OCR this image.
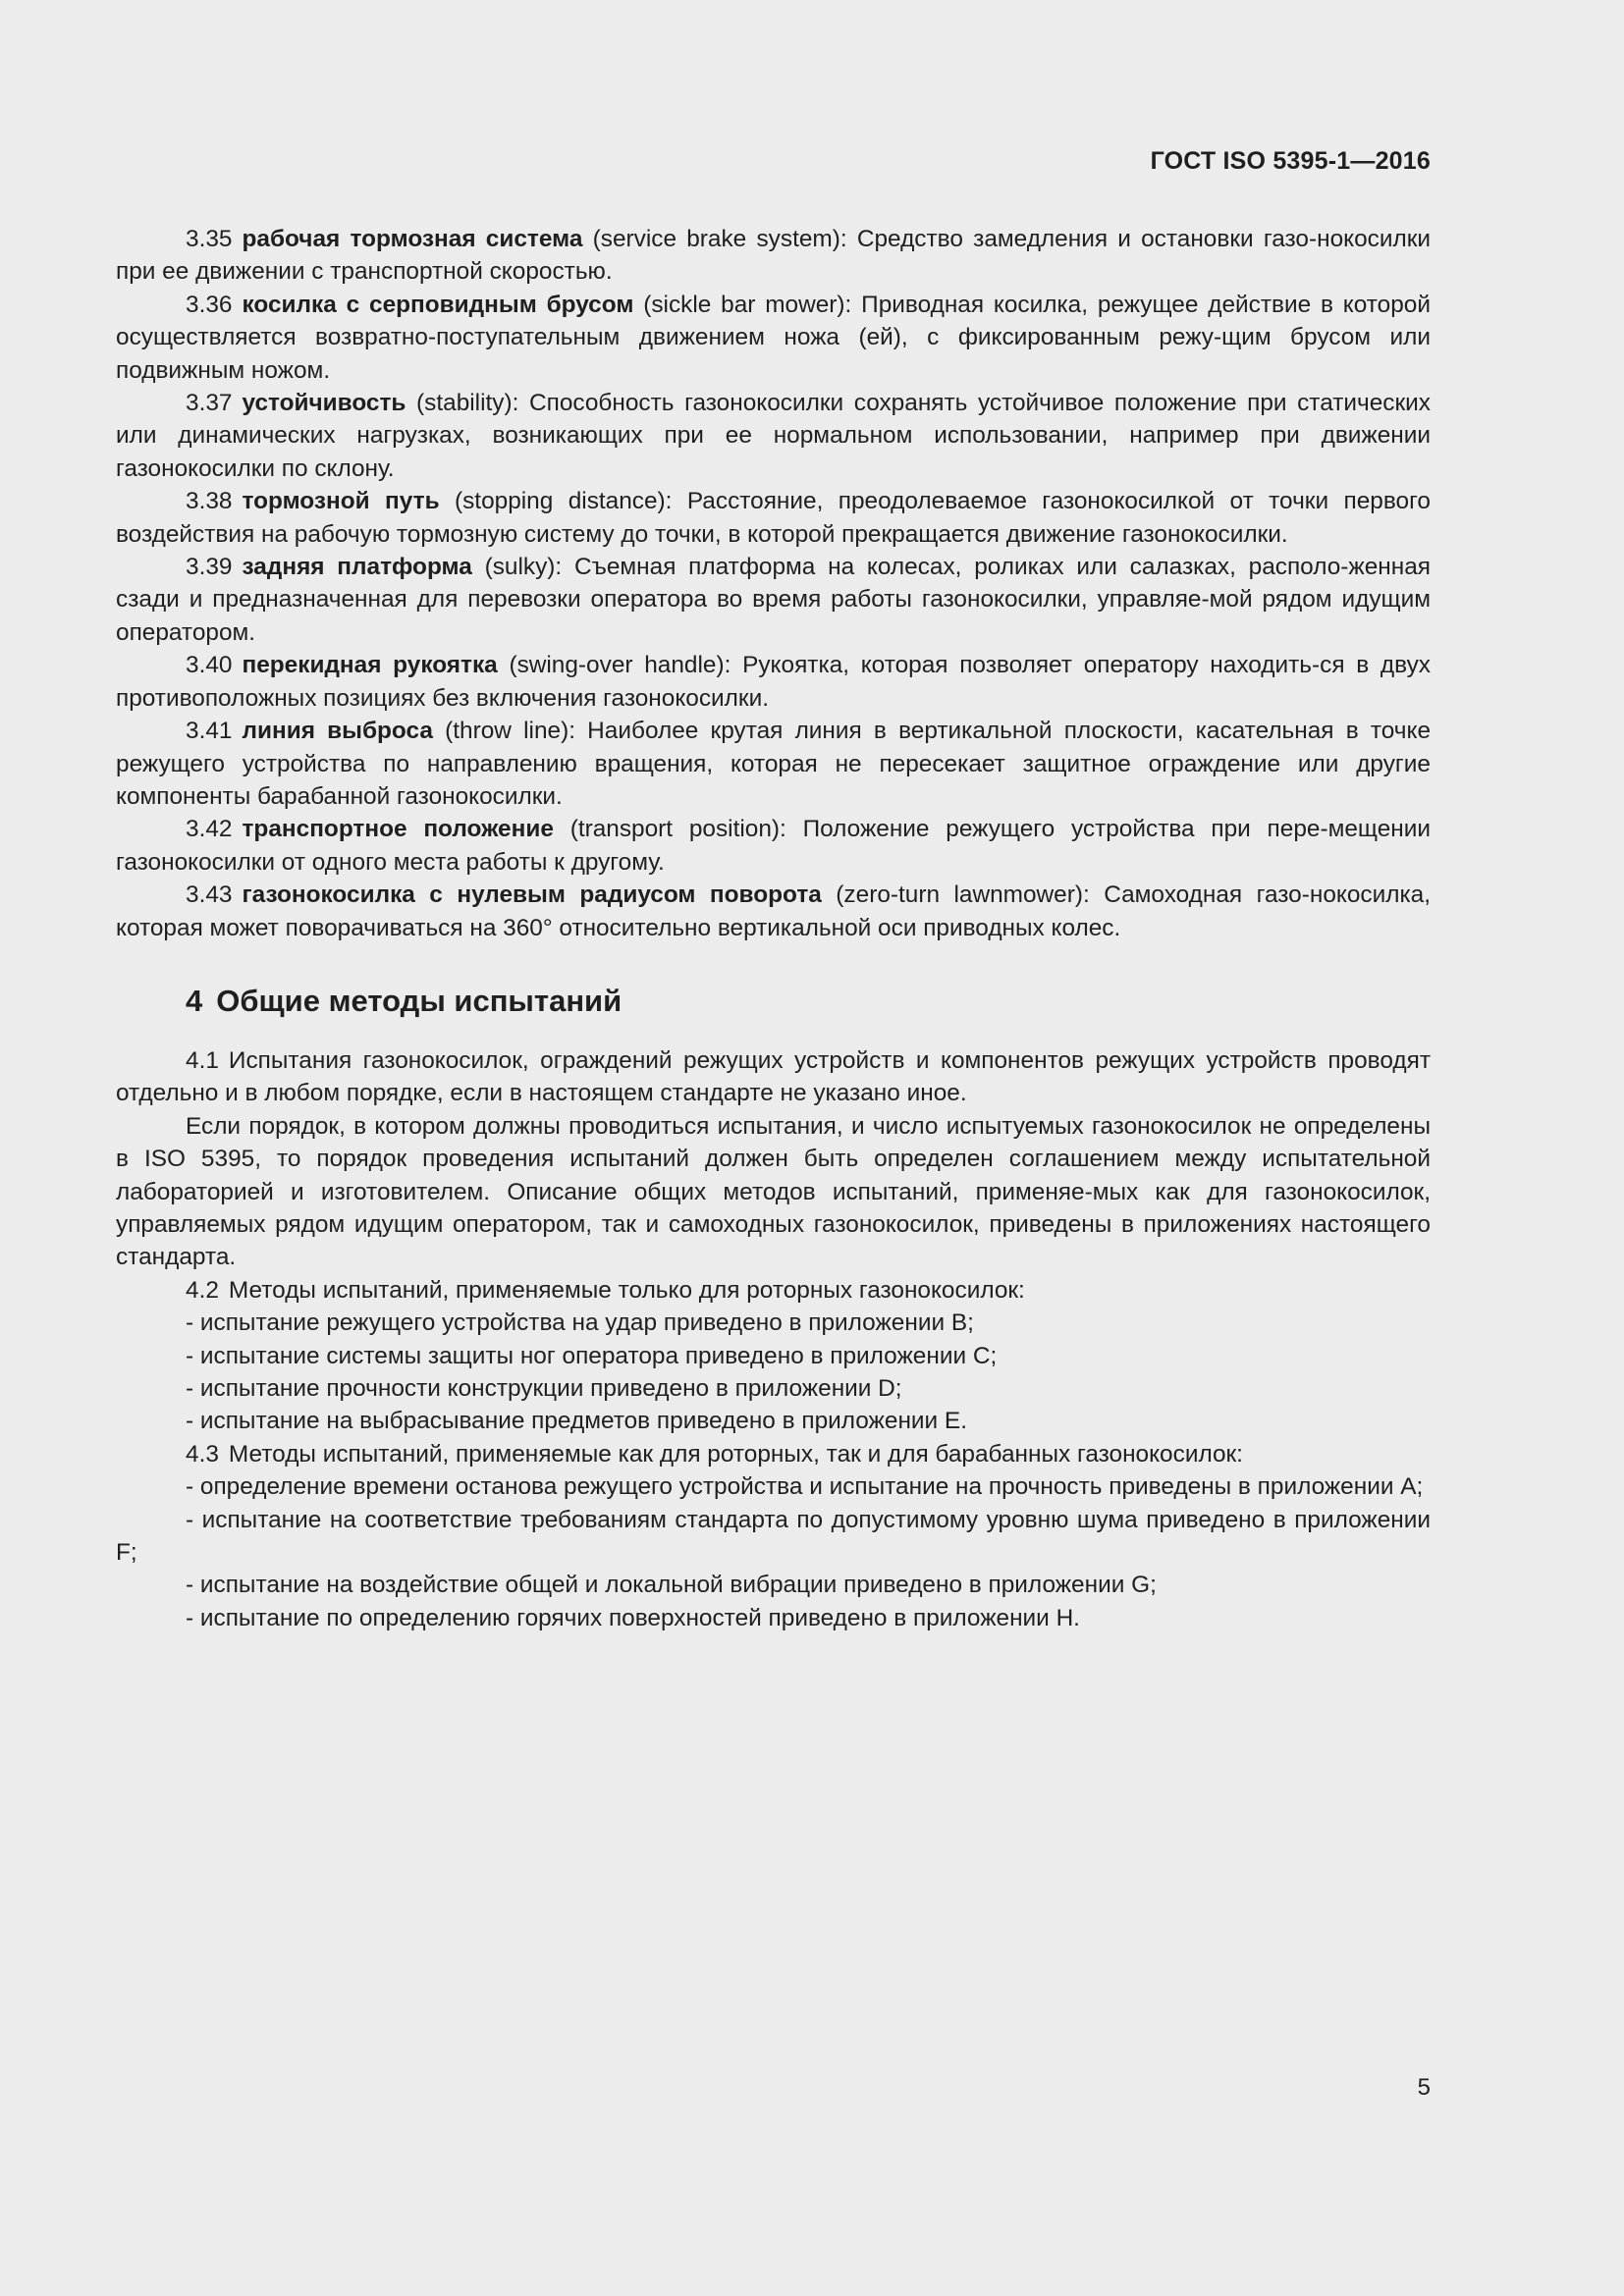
ГОСТ ISO 5395-1—2016

3.35 рабочая тормозная система (service brake system): Средство замедления и остановки газо-нокосилки при ее движении с транспортной скоростью.

3.36 косилка с серповидным брусом (sickle bar mower): Приводная косилка, режущее действие в которой осуществляется возвратно-поступательным движением ножа (ей), с фиксированным режу-щим брусом или подвижным ножом.

3.37 устойчивость (stability): Способность газонокосилки сохранять устойчивое положение при статических или динамических нагрузках, возникающих при ее нормальном использовании, например при движении газонокосилки по склону.

3.38 тормозной путь (stopping distance): Расстояние, преодолеваемое газонокосилкой от точки первого воздействия на рабочую тормозную систему до точки, в которой прекращается движение газонокосилки.

3.39 задняя платформа (sulky): Съемная платформа на колесах, роликах или салазках, располо-женная сзади и предназначенная для перевозки оператора во время работы газонокосилки, управляе-мой рядом идущим оператором.

3.40 перекидная рукоятка (swing-over handle): Рукоятка, которая позволяет оператору находить-ся в двух противоположных позициях без включения газонокосилки.

3.41 линия выброса (throw line): Наиболее крутая линия в вертикальной плоскости, касательная в точке режущего устройства по направлению вращения, которая не пересекает защитное ограждение или другие компоненты барабанной газонокосилки.

3.42 транспортное положение (transport position): Положение режущего устройства при пере-мещении газонокосилки от одного места работы к другому.

3.43 газонокосилка с нулевым радиусом поворота (zero-turn lawnmower): Самоходная газо-нокосилка, которая может поворачиваться на 360° относительно вертикальной оси приводных колес.

4 Общие методы испытаний

4.1 Испытания газонокосилок, ограждений режущих устройств и компонентов режущих устройств проводят отдельно и в любом порядке, если в настоящем стандарте не указано иное.

Если порядок, в котором должны проводиться испытания, и число испытуемых газонокосилок не определены в ISO 5395, то порядок проведения испытаний должен быть определен соглашением между испытательной лабораторией и изготовителем. Описание общих методов испытаний, применяе-мых как для газонокосилок, управляемых рядом идущим оператором, так и самоходных газонокосилок, приведены в приложениях настоящего стандарта.

4.2 Методы испытаний, применяемые только для роторных газонокосилок:

- испытание режущего устройства на удар приведено в приложении В;

- испытание системы защиты ног оператора приведено в приложении С;

- испытание прочности конструкции приведено в приложении D;

- испытание на выбрасывание предметов приведено в приложении Е.

4.3 Методы испытаний, применяемые как для роторных, так и для барабанных газонокосилок:

- определение времени останова режущего устройства и испытание на прочность приведены в приложении А;

- испытание на соответствие требованиям стандарта по допустимому уровню шума приведено в приложении F;

- испытание на воздействие общей и локальной вибрации приведено в приложении G;

- испытание по определению горячих поверхностей приведено в приложении Н.

5
